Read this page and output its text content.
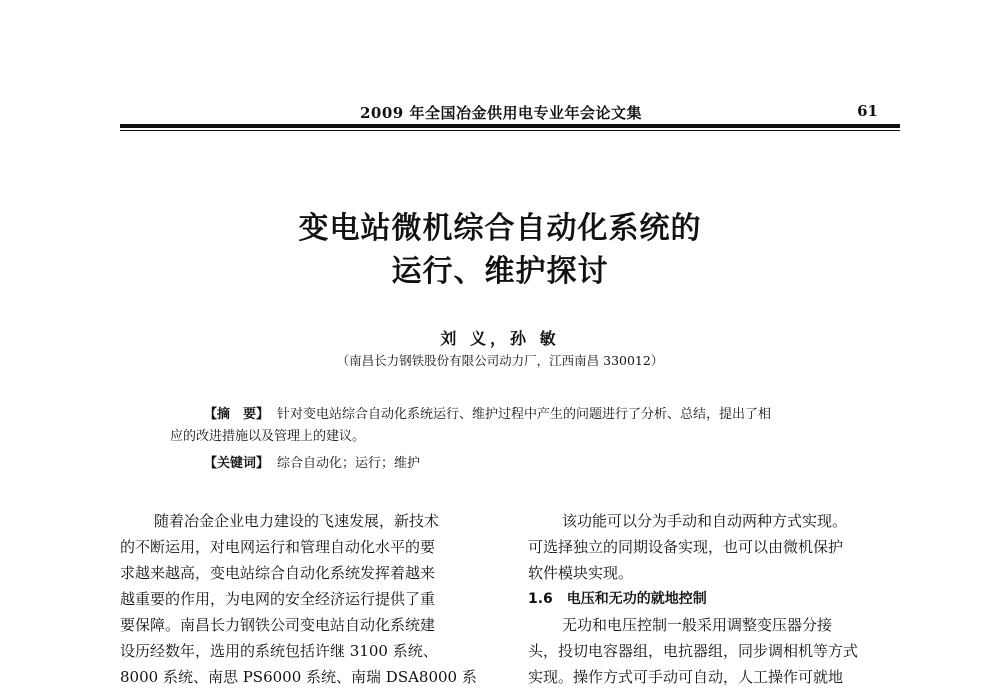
2009 年全国冶金供用电专业年会论文集	61
变电站微机综合自动化系统的
运行、维护探讨
刘 义，孙 敏
（南昌长力钢铁股份有限公司动力厂，江西南昌 330012）
【摘　要】 针对变电站综合自动化系统运行、维护过程中产生的问题进行了分析、总结，提出了相
应的改进措施以及管理上的建议。
【关键词】 综合自动化；运行；维护

随着冶金企业电力建设的飞速发展，新技术

的不断运用，对电网运行和管理自动化水平的要

求越来越高，变电站综合自动化系统发挥着越来

越重要的作用，为电网的安全经济运行提供了重

要保障。南昌长力钢铁公司变电站自动化系统建

设历经数年，选用的系统包括许继 3100 系统、

8000 系统、南思 PS6000 系统、南瑞 DSA8000 系

该功能可以分为手动和自动两种方式实现。

可选择独立的同期设备实现，也可以由微机保护

软件模块实现。

1.6　电压和无功的就地控制

无功和电压控制一般采用调整变压器分接

头，投切电容器组，电抗器组，同步调相机等方式

实现。操作方式可手动可自动，人工操作可就地
